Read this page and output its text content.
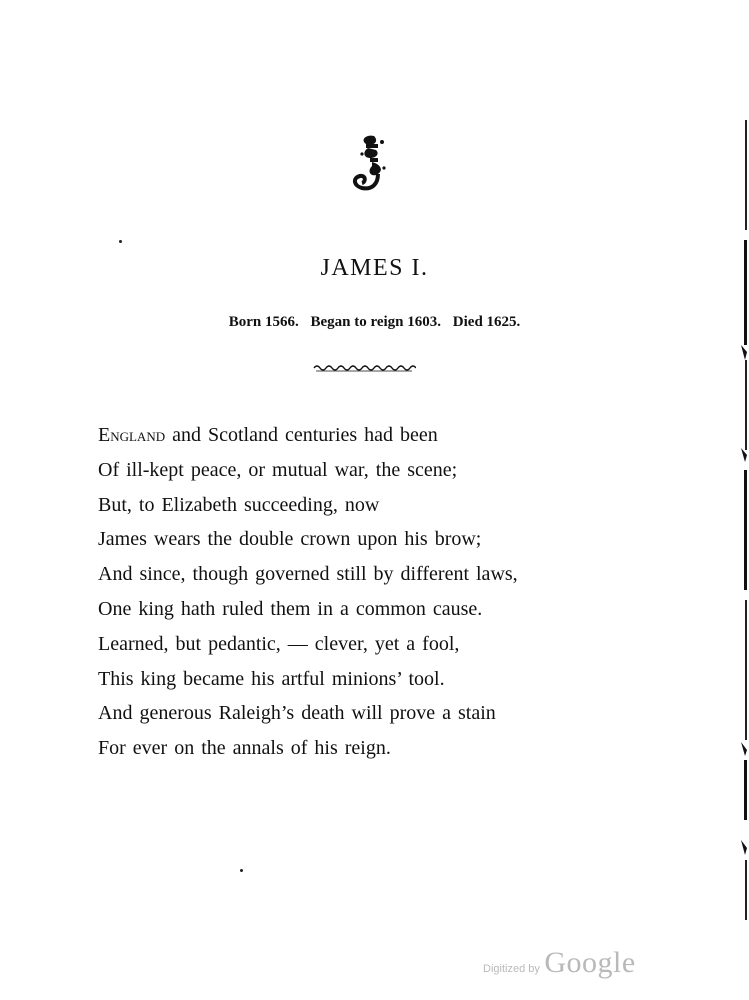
JAMES I.
Born 1566. Began to reign 1603. Died 1625.
England and Scotland centuries had been
Of ill-kept peace, or mutual war, the scene;
But, to Elizabeth succeeding, now
James wears the double crown upon his brow;
And since, though governed still by different laws,
One king hath ruled them in a common cause.
Learned, but pedantic, — clever, yet a fool,
This king became his artful minions’ tool.
And generous Raleigh’s death will prove a stain
For ever on the annals of his reign.
Digitized by Google
